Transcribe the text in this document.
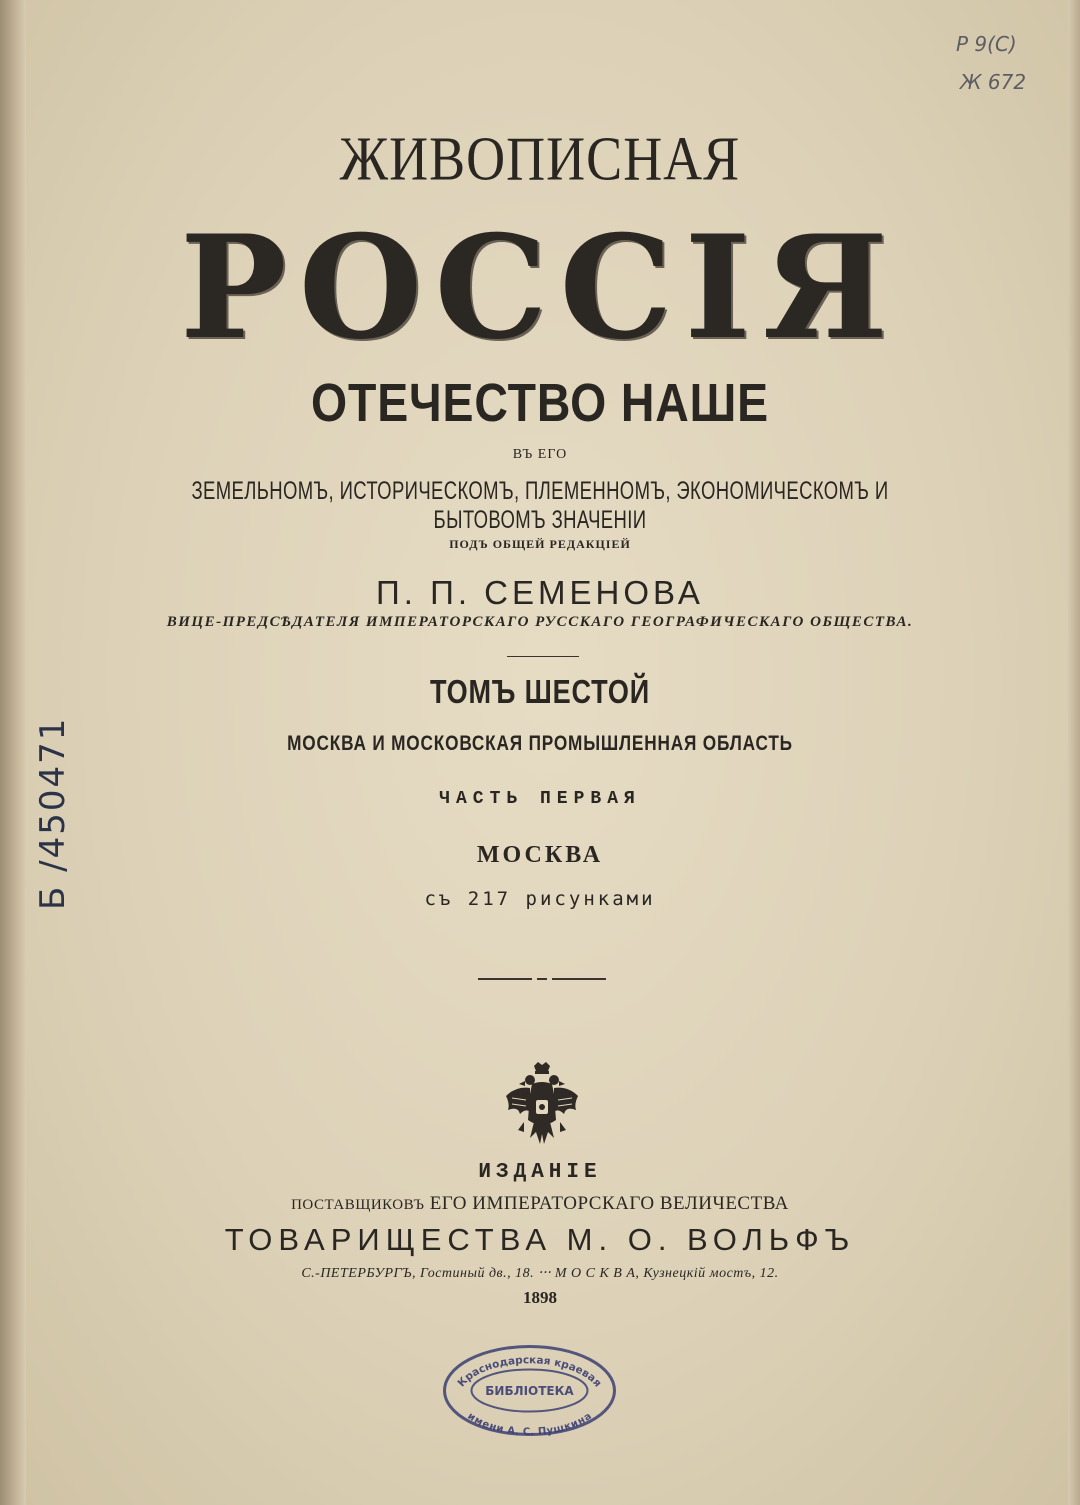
ЖИВОПИСНАЯ
РОССІЯ
ОТЕЧЕСТВО НАШЕ
ВЪ ЕГО
ЗЕМЕЛЬНОМЪ, ИСТОРИЧЕСКОМЪ, ПЛЕМЕННОМЪ, ЭКОНОМИЧЕСКОМЪ И БЫТОВОМЪ ЗНАЧЕНІИ
ПОДЪ ОБЩЕЙ РЕДАКЦІЕЙ
П. П. СЕМЕНОВА
ВИЦЕ-ПРЕДСѢДАТЕЛЯ ИМПЕРАТОРСКАГО РУССКАГО ГЕОГРАФИЧЕСКАГО ОБЩЕСТВА.
ТОМЪ ШЕСТОЙ
МОСКВА И МОСКОВСКАЯ ПРОМЫШЛЕННАЯ ОБЛАСТЬ
ЧАСТЬ ПЕРВАЯ
МОСКВА
съ 217 рисунками
ИЗДАНІЕ
ПОСТАВЩИКОВЪ ЕГО ИМПЕРАТОРСКАГО ВЕЛИЧЕСТВА
ТОВАРИЩЕСТВА М. О. ВОЛЬФЪ
С.-ПЕТЕРБУРГЪ, Гостиный дв., 18. ⸱⸱⸱ М О С К В А, Кузнецкій мостъ, 12.
1898
Краснодарская краевая
БИБЛІОТЕКА
имени А. С. Пушкина
Б /450471
Р 9(С)
Ж 672
